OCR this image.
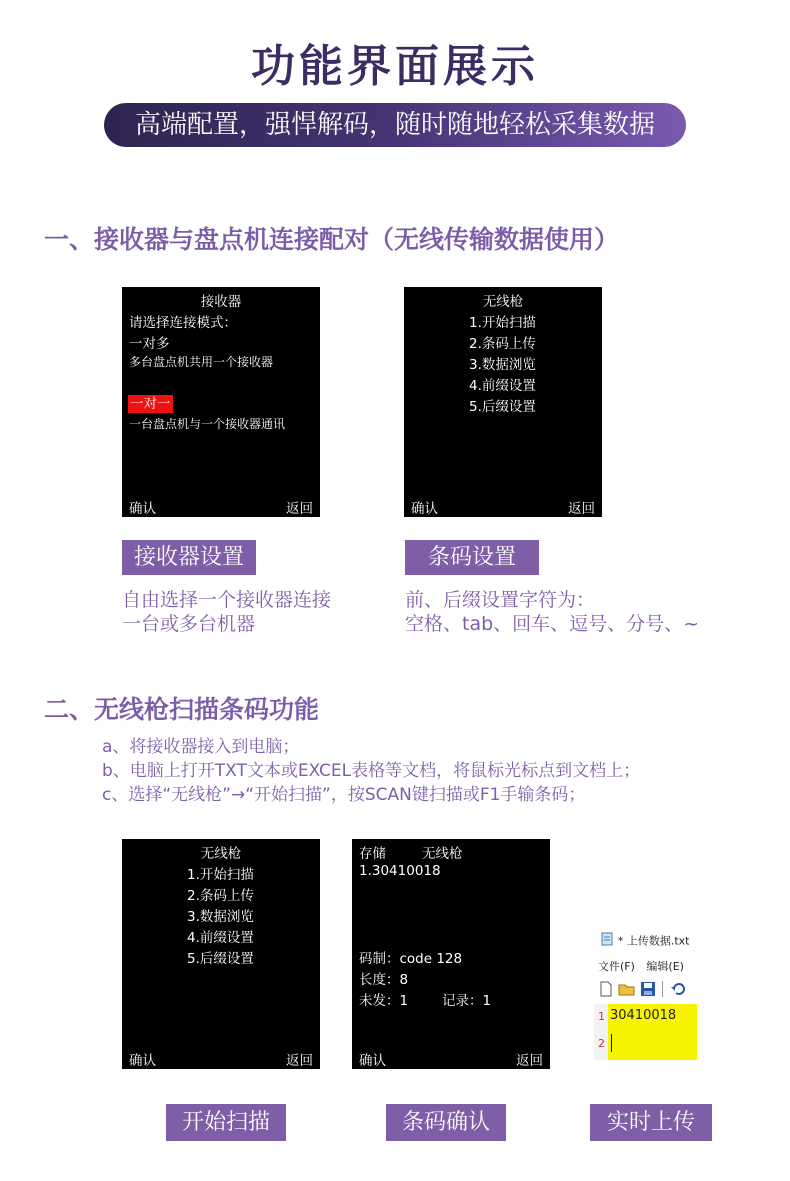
功能界面展示
高端配置，强悍解码，随时随地轻松采集数据
一、接收器与盘点机连接配对（无线传输数据使用）
接收器
请选择连接模式：
一对多
多台盘点机共用一个接收器
一对一
一台盘点机与一个接收器通讯
确认	返回
无线枪
1.开始扫描
2.条码上传
3.数据浏览
4.前缀设置
5.后缀设置
确认	返回
接收器设置	条码设置
自由选择一个接收器连接
一台或多台机器
前、后缀设置字符为：
空格、tab、回车、逗号、分号、~
二、无线枪扫描条码功能
a、将接收器接入到电脑；
b、电脑上打开TXT文本或EXCEL表格等文档，将鼠标光标点到文档上；
c、选择“无线枪”→“开始扫描”，按SCAN键扫描或F1手输条码；
无线枪
1.开始扫描
2.条码上传
3.数据浏览
4.前缀设置
5.后缀设置
确认	返回
存储	无线枪
1.30410018
码制：code 128
长度：8
未发：1	记录：1
确认	返回
* 上传数据.txt
文件(F) 编辑(E)

1
2
30410018
开始扫描	条码确认	实时上传
